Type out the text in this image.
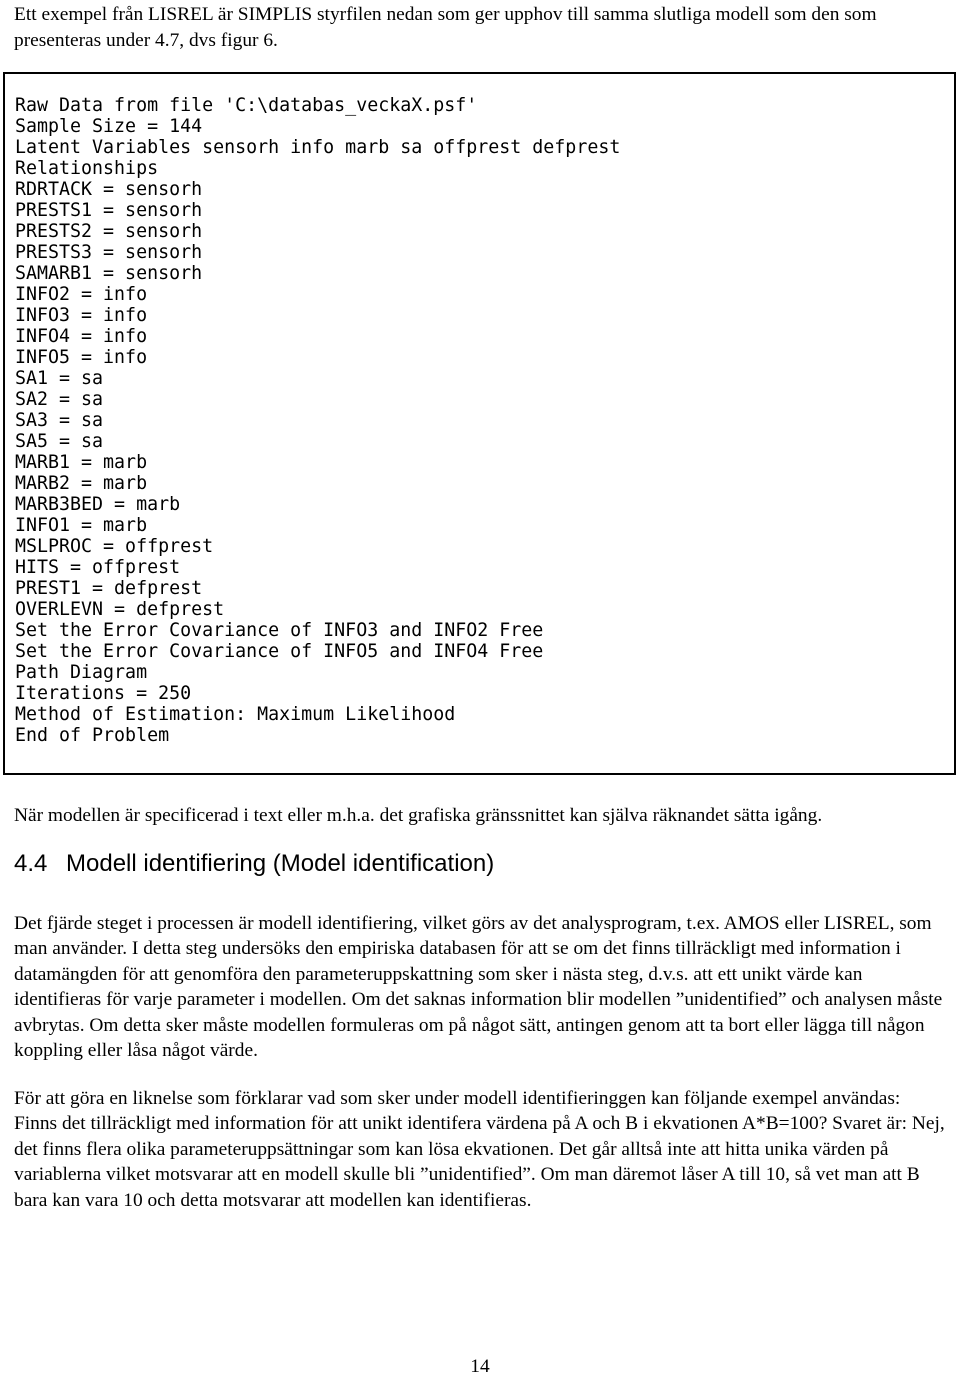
Ett exempel från LISREL är SIMPLIS styrfilen nedan som ger upphov till samma slutliga modell som den som presenteras under 4.7, dvs figur 6.

Raw Data from file 'C:\databas_veckaX.psf'
Sample Size = 144
Latent Variables sensorh info marb sa offprest defprest
Relationships
RDRTACK = sensorh
PRESTS1 = sensorh
PRESTS2 = sensorh
PRESTS3 = sensorh
SAMARB1 = sensorh
INFO2 = info
INFO3 = info
INFO4 = info
INFO5 = info
SA1 = sa
SA2 = sa
SA3 = sa
SA5 = sa
MARB1 = marb
MARB2 = marb
MARB3BED = marb
INFO1 = marb
MSLPROC = offprest
HITS = offprest
PREST1 = defprest
OVERLEVN = defprest
Set the Error Covariance of INFO3 and INFO2 Free
Set the Error Covariance of INFO5 and INFO4 Free
Path Diagram
Iterations = 250
Method of Estimation: Maximum Likelihood
End of Problem

När modellen är specificerad i text eller m.h.a. det grafiska gränssnittet kan själva räknandet sätta igång.

4.4 Modell identifiering (Model identification)

Det fjärde steget i processen är modell identifiering, vilket görs av det analysprogram, t.ex. AMOS eller LISREL, som man använder. I detta steg undersöks den empiriska databasen för att se om det finns tillräckligt med information i datamängden för att genomföra den parameteruppskattning som sker i nästa steg, d.v.s. att ett unikt värde kan identifieras för varje parameter i modellen. Om det saknas information blir modellen ”unidentified” och analysen måste avbrytas. Om detta sker måste modellen formuleras om på något sätt, antingen genom att ta bort eller lägga till någon koppling eller låsa något värde.

För att göra en liknelse som förklarar vad som sker under modell identifieringgen kan följande exempel användas: Finns det tillräckligt med information för att unikt identifera värdena på A och B i ekvationen A*B=100? Svaret är: Nej, det finns flera olika parameteruppsättningar som kan lösa ekvationen. Det går alltså inte att hitta unika värden på variablerna vilket motsvarar att en modell skulle bli ”unidentified”. Om man däremot låser A till 10, så vet man att B bara kan vara 10 och detta motsvarar att modellen kan identifieras.

14
